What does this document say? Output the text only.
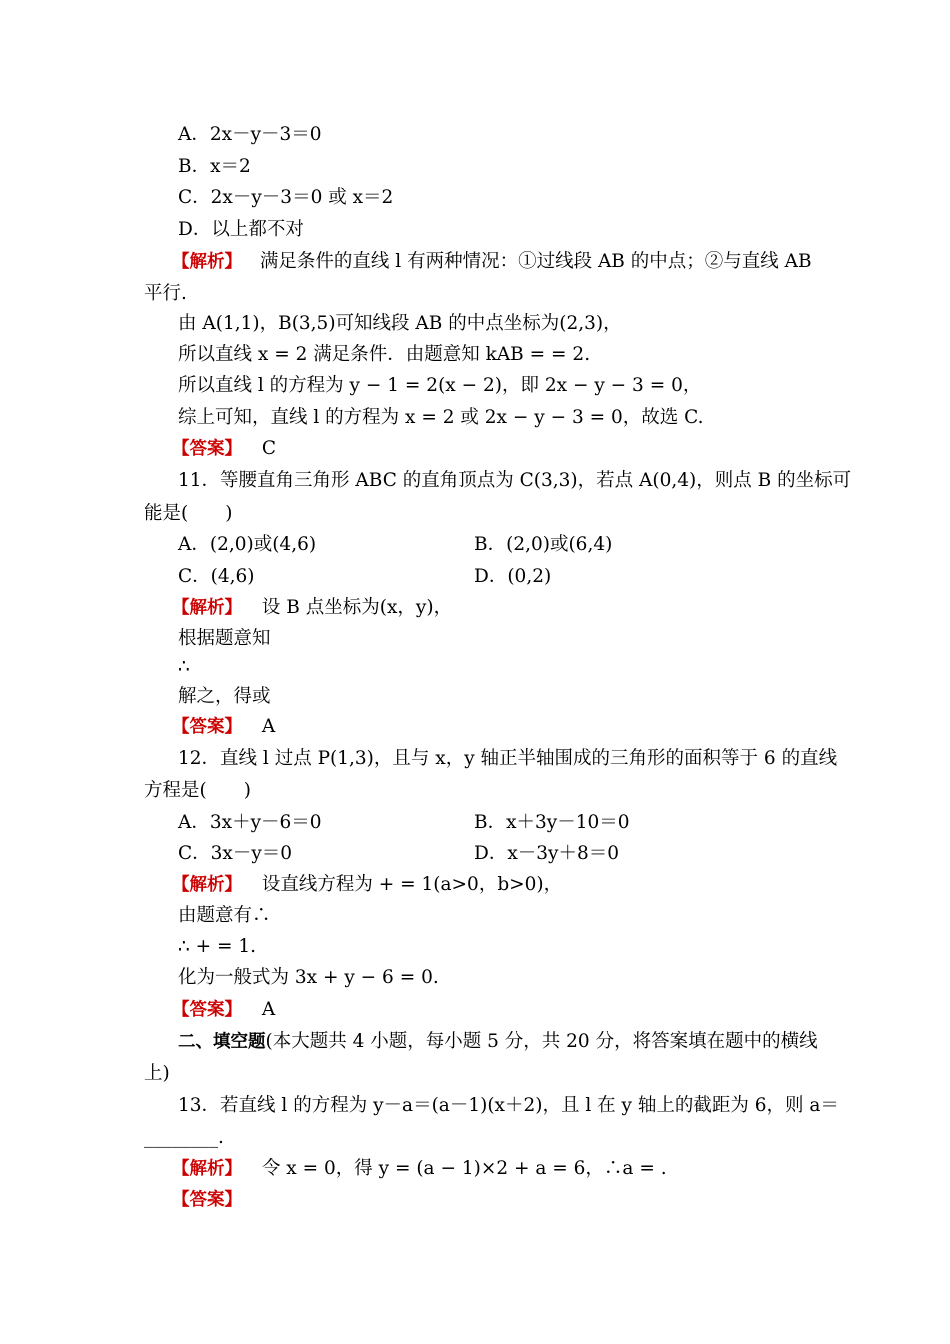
A．2x－y－3＝0
B．x＝2
C．2x－y－3＝0 或 x＝2
D．以上都不对
【解析】 满足条件的直线 l 有两种情况：①过线段 AB 的中点；②与直线 AB
平行.
由 A(1,1)，B(3,5)可知线段 AB 的中点坐标为(2,3)，
所以直线 x = 2 满足条件．由题意知 kAB = = 2.
所以直线 l 的方程为 y − 1 = 2(x − 2)，即 2x − y − 3 = 0，
综上可知，直线 l 的方程为 x = 2 或 2x − y − 3 = 0，故选 C.
【答案】 C
11．等腰直角三角形 ABC 的直角顶点为 C(3,3)，若点 A(0,4)，则点 B 的坐标可
能是(　　)
A．(2,0)或(4,6)	B．(2,0)或(6,4)
C．(4,6)	D．(0,2)
【解析】 设 B 点坐标为(x，y)，
根据题意知
∴
解之，得或
【答案】 A
12．直线 l 过点 P(1,3)，且与 x，y 轴正半轴围成的三角形的面积等于 6 的直线
方程是(　　)
A．3x＋y－6＝0	B．x＋3y－10＝0
C．3x－y＝0	D．x－3y＋8＝0
【解析】 设直线方程为 + = 1(a>0，b>0)，
由题意有∴
∴ + = 1.
化为一般式为 3x + y − 6 = 0.
【答案】 A
二、填空题(本大题共 4 小题，每小题 5 分，共 20 分，将答案填在题中的横线
上)
13．若直线 l 的方程为 y－a＝(a－1)(x＋2)，且 l 在 y 轴上的截距为 6，则 a＝
________.
【解析】 令 x = 0，得 y = (a − 1)×2 + a = 6，∴a = .
【答案】
